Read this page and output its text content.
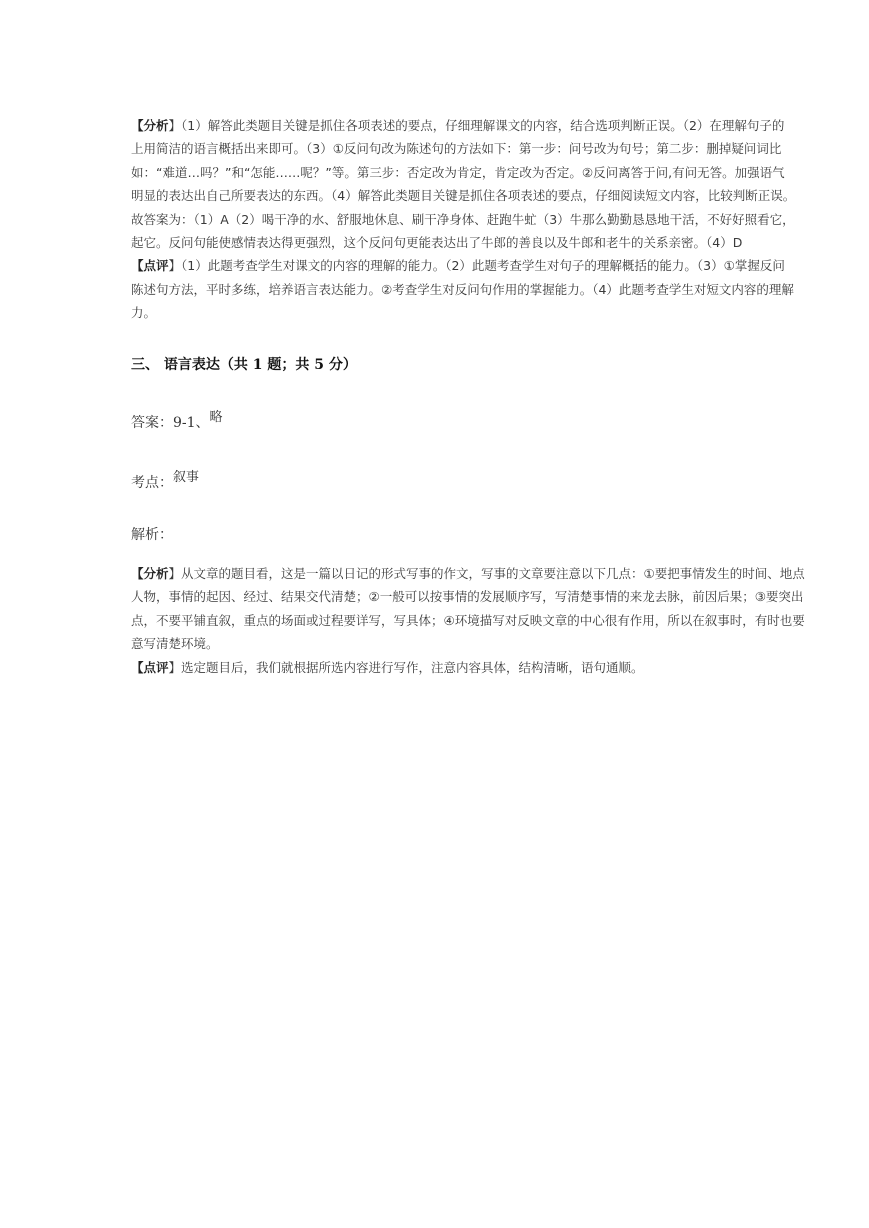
【分析】（1）解答此类题目关键是抓住各项表述的要点，仔细理解课文的内容，结合选项判断正误。（2）在理解句子的
上用简洁的语言概括出来即可。（3）①反问句改为陈述句的方法如下：第一步：问号改为句号；第二步：删掉疑问词比
如：“难道…吗？”和“怎能……呢？”等。第三步：否定改为肯定，肯定改为否定。②反问离答于问,有问无答。加强语气
明显的表达出自己所要表达的东西。（4）解答此类题目关键是抓住各项表述的要点，仔细阅读短文内容，比较判断正误。
故答案为：（1）A（2）喝干净的水、舒服地休息、刷干净身体、赶跑牛虻（3）牛那么勤勤恳恳地干活，不好好照看它，
起它。反问句能使感情表达得更强烈，这个反问句更能表达出了牛郎的善良以及牛郎和老牛的关系亲密。（4）D
【点评】（1）此题考查学生对课文的内容的理解的能力。（2）此题考查学生对句子的理解概括的能力。（3）①掌握反问
陈述句方法，平时多练，培养语言表达能力。②考查学生对反问句作用的掌握能力。（4）此题考查学生对短文内容的理解
力。
三、 语言表达（共 1 题；共 5 分）
答案：9-1、略
考点：叙事
解析：
【分析】从文章的题目看，这是一篇以日记的形式写事的作文，写事的文章要注意以下几点：①要把事情发生的时间、地点
人物，事情的起因、经过、结果交代清楚；②一般可以按事情的发展顺序写，写清楚事情的来龙去脉，前因后果；③要突出
点，不要平铺直叙，重点的场面或过程要详写，写具体；④环境描写对反映文章的中心很有作用，所以在叙事时，有时也要
意写清楚环境。
【点评】选定题目后，我们就根据所选内容进行写作，注意内容具体，结构清晰，语句通顺。
